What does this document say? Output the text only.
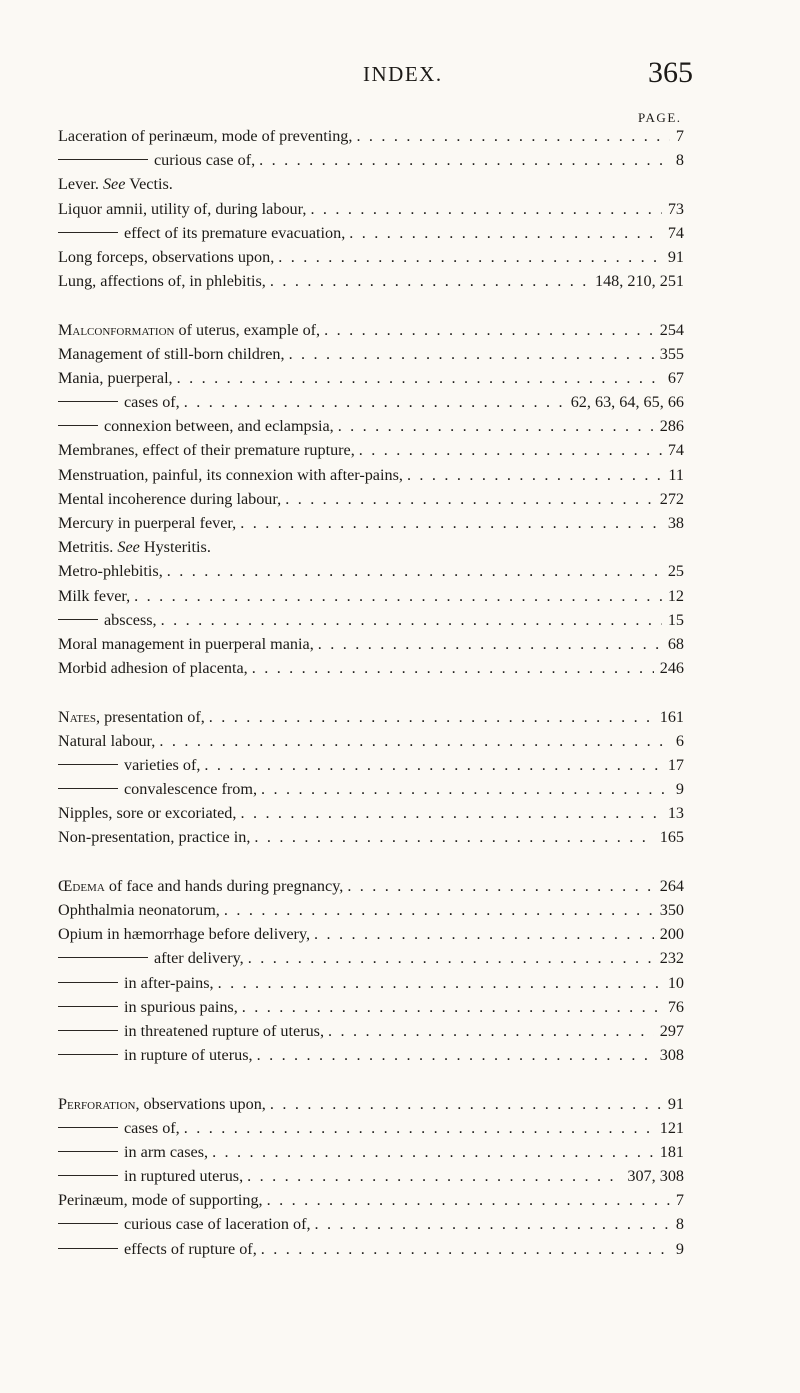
INDEX.	365
PAGE.
Laceration of perinæum, mode of preventing, . . .	7
curious case of, . . .	8
Lever. See Vectis.
Liquor amnii, utility of, during labour, . . .	73
effect of its premature evacuation, . . .	74
Long forceps, observations upon, . . .	91
Lung, affections of, in phlebitis, . . .	148, 210, 251
Malconformation of uterus, example of, . . .	254
Management of still-born children, . . .	355
Mania, puerperal, . . .	67
cases of, . . .	62, 63, 64, 65, 66
connexion between, and eclampsia, . . .	286
Membranes, effect of their premature rupture, . . .	74
Menstruation, painful, its connexion with after-pains, . . .	11
Mental incoherence during labour, . . .	272
Mercury in puerperal fever, . . .	38
Metritis. See Hysteritis.
Metro-phlebitis, . . .	25
Milk fever, . . .	12
abscess, . . .	15
Moral management in puerperal mania, . . .	68
Morbid adhesion of placenta, . . .	246
Nates, presentation of, . . .	161
Natural labour, . . .	6
varieties of, . . .	17
convalescence from, . . .	9
Nipples, sore or excoriated, . . .	13
Non-presentation, practice in, . . .	165
Œdema of face and hands during pregnancy, . . .	264
Ophthalmia neonatorum, . . .	350
Opium in hæmorrhage before delivery, . . .	200
after delivery, . . .	232
in after-pains, . . .	10
in spurious pains, . . .	76
in threatened rupture of uterus, . . .	297
in rupture of uterus, . . .	308
Perforation, observations upon, . . .	91
cases of, . . .	121
in arm cases, . . .	181
in ruptured uterus, . . .	307, 308
Perinæum, mode of supporting, . . .	7
curious case of laceration of, . . .	8
effects of rupture of, . . .	9
